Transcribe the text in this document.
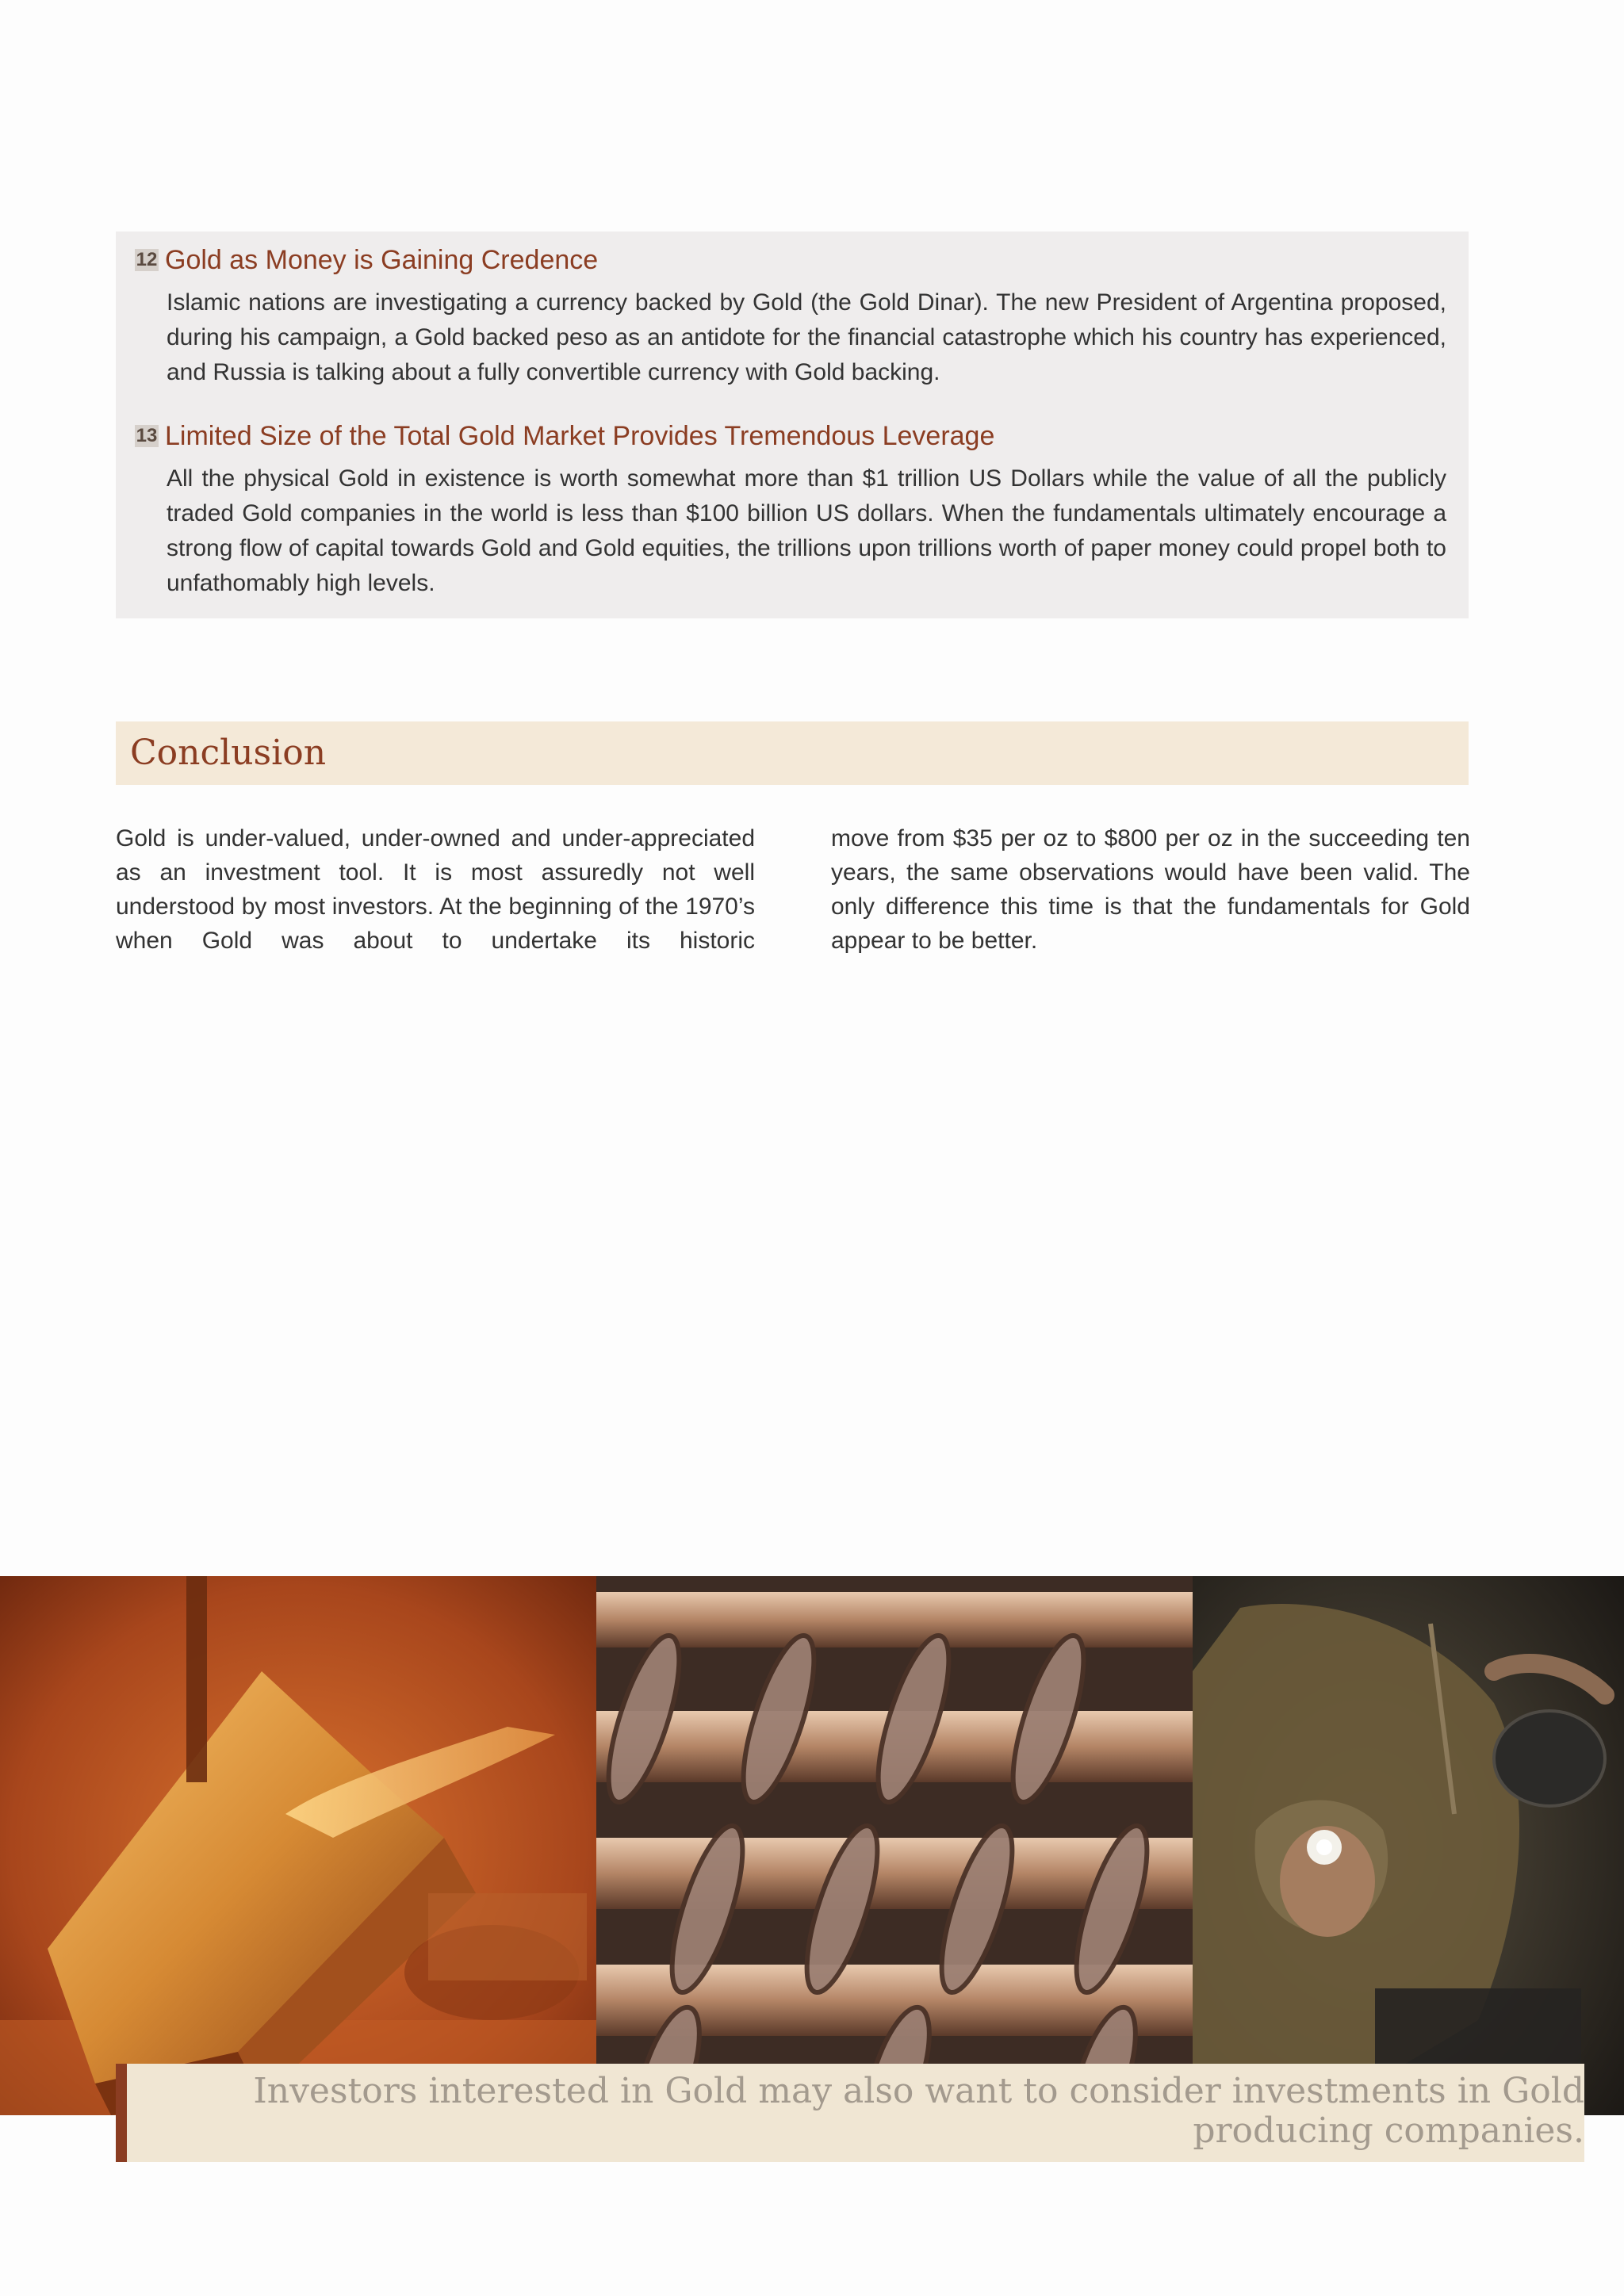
12 Gold as Money is Gaining Credence
Islamic nations are investigating a currency backed by Gold (the Gold Dinar). The new President of Argentina proposed, during his campaign, a Gold backed peso as an antidote for the financial catastrophe which his country has experienced, and Russia is talking about a fully convertible currency with Gold backing.
13 Limited Size of the Total Gold Market Provides Tremendous Leverage
All the physical Gold in existence is worth somewhat more than $1 trillion US Dollars while the value of all the publicly traded Gold companies in the world is less than $100 billion US dollars. When the fundamentals ultimately encourage a strong flow of capital towards Gold and Gold equities, the trillions upon trillions worth of paper money could propel both to unfathomably high levels.
Conclusion
Gold is under-valued, under-owned and under-appreciated as an investment tool. It is most assuredly not well understood by most investors. At the beginning of the 1970’s when Gold was about to undertake its historic
move from $35 per oz to $800 per oz in the succeeding ten years, the same observations would have been valid. The only difference this time is that the fundamentals for Gold appear to be better.
Investors interested in Gold may also want to consider investments in Gold producing companies.
